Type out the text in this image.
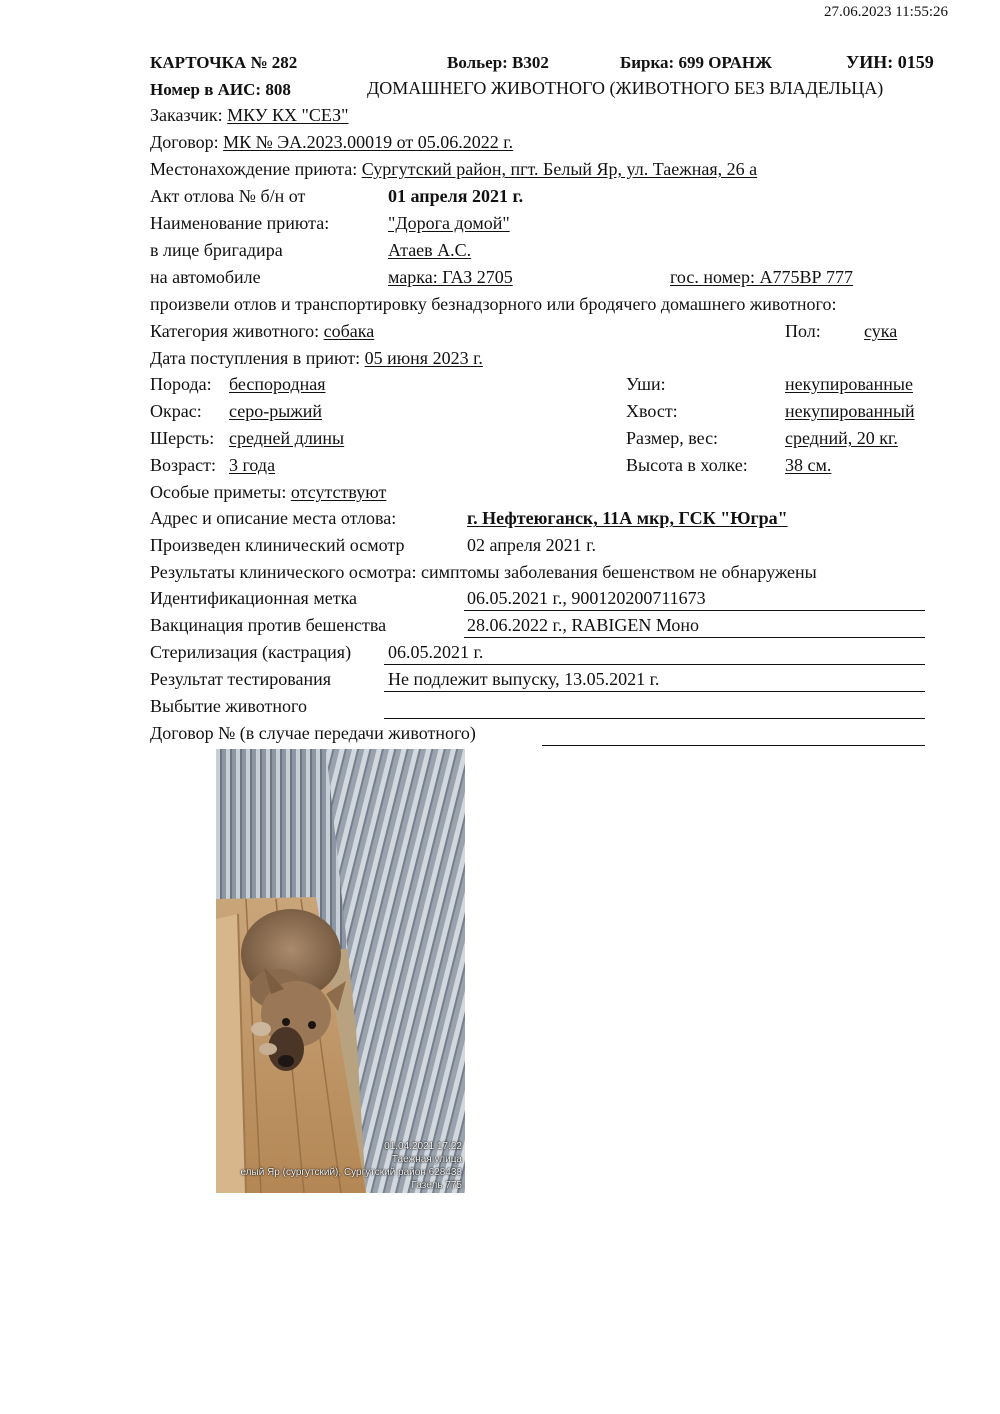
27.06.2023 11:55:26
КАРТОЧКА № 282	Вольер: В302	Бирка: 699 ОРАНЖ	УИН: 0159
Номер в АИС: 808	ДОМАШНЕГО ЖИВОТНОГО (ЖИВОТНОГО БЕЗ ВЛАДЕЛЬЦА)
Заказчик: МКУ КХ "СЕЗ"
Договор: МК № ЭА.2023.00019 от 05.06.2022 г.
Местонахождение приюта: Сургутский район, пгт. Белый Яр, ул. Таежная, 26 а
Акт отлова № б/н от	01 апреля 2021 г.
Наименование приюта:	"Дорога домой"
в лице бригадира	Атаев А.С.
на автомобиле	марка: ГАЗ 2705	гос. номер: А775ВР 777
произвели отлов и транспортировку безнадзорного или бродячего домашнего животного:
Категория животного: собака	Пол: сука
Дата поступления в приют: 05 июня 2023 г.
Порода: беспородная	Уши:	некупированные
Окрас: серо-рыжий	Хвост:	некупированный
Шерсть: средней длины	Размер, вес:	средний, 20 кг.
Возраст: 3 года	Высота в холке: 38 см.
Особые приметы: отсутствуют
Адрес и описание места отлова:	г. Нефтеюганск, 11А мкр, ГСК "Югра"
Произведен клинический осмотр	02 апреля 2021 г.
Результаты клинического осмотра: симптомы заболевания бешенством не обнаружены
Идентификационная метка	06.05.2021 г., 900120200711673
Вакцинация против бешенства	28.06.2022 г., RABIGEN Моно
Стерилизация (кастрация) 06.05.2021 г.
Результат тестирования	Не подлежит выпуску, 13.05.2021 г.
Выбытие животного
Договор № (в случае передачи животного)
01.04.2021 17:22
Таежная улица
елый Яр (сургутский), Сургутский район 628433
Газель 775
